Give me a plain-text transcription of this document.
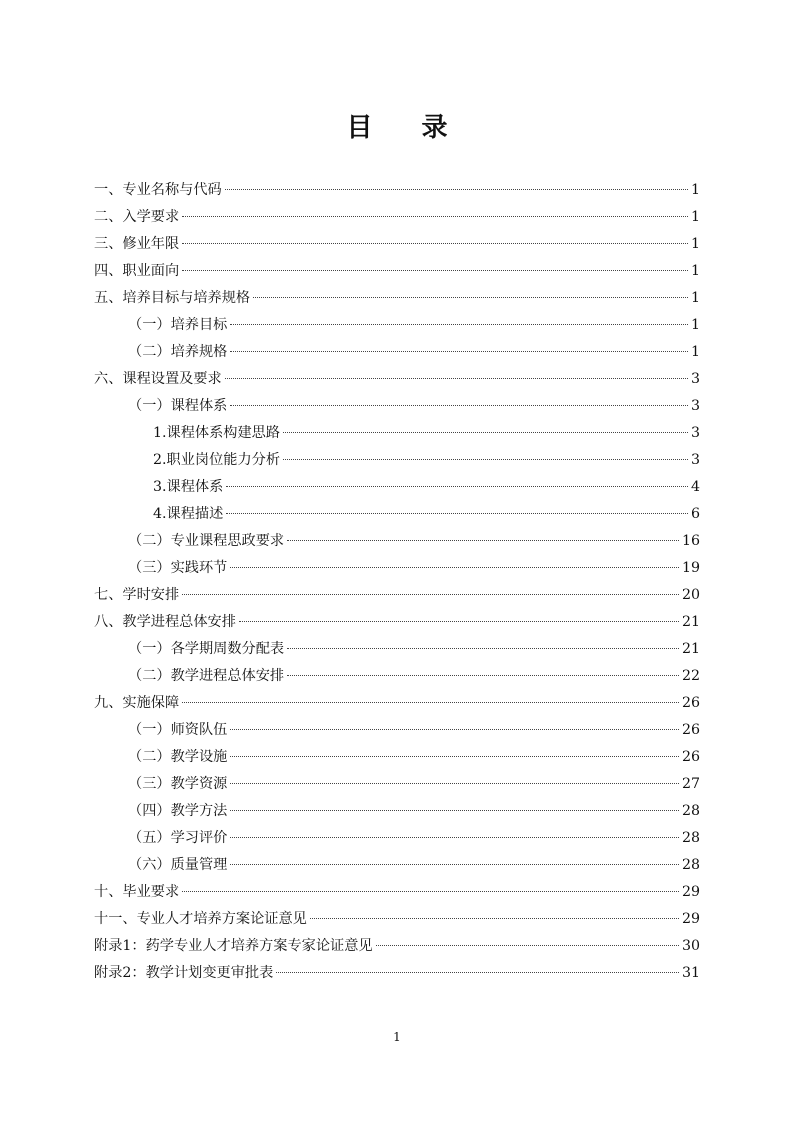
目 录
一、专业名称与代码	1
二、入学要求	1
三、修业年限	1
四、职业面向	1
五、培养目标与培养规格	1
（一）培养目标	1
（二）培养规格	1
六、课程设置及要求	3
（一）课程体系	3
1.课程体系构建思路	3
2.职业岗位能力分析	3
3.课程体系	4
4.课程描述	6
（二）专业课程思政要求	16
（三）实践环节	19
七、学时安排	20
八、教学进程总体安排	21
（一）各学期周数分配表	21
（二）教学进程总体安排	22
九、实施保障	26
（一）师资队伍	26
（二）教学设施	26
（三）教学资源	27
（四）教学方法	28
（五）学习评价	28
（六）质量管理	28
十、毕业要求	29
十一、专业人才培养方案论证意见	29
附录1：药学专业人才培养方案专家论证意见	30
附录2：教学计划变更审批表	31
1
